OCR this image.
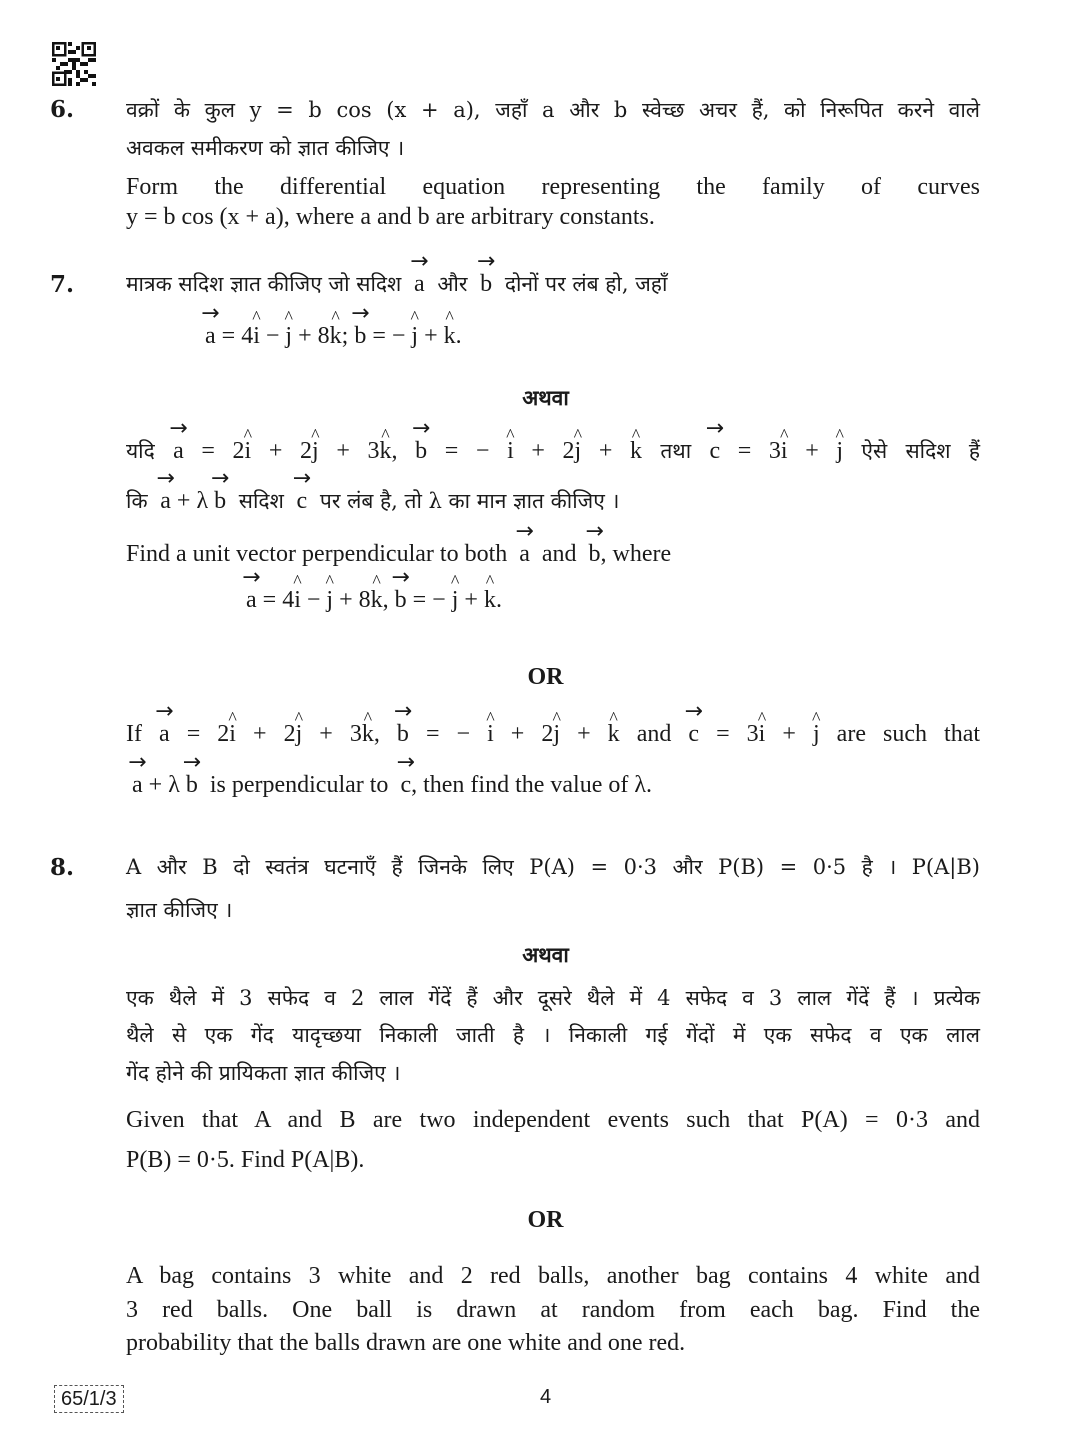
6. वक्रों के कुल y = b cos (x + a), जहाँ a और b स्वेच्छ अचर हैं, को निरूपित करने वाले
अवकल समीकरण को ज्ञात कीजिए ।
Form the differential equation representing the family of curves
y = b cos (x + a), where a and b are arbitrary constants.
7. मात्रक सदिश ज्ञात कीजिए जो सदिश → a और → b दोनों पर लंब हो, जहाँ
→ a = 4^ i − ^ j + 8^ k; → b = − ^ j + ^ k.
अथवा
यदि → a = 2^ i + 2^ j + 3^ k, → b = − ^ i + 2^ j + ^ k तथा → c = 3^ i + ^ j ऐसे सदिश हैं
कि → a + λ → b सदिश → c पर लंब है, तो λ का मान ज्ञात कीजिए ।
Find a unit vector perpendicular to both → a and → b, where
→ a = 4^ i − ^ j + 8^ k, → b = − ^ j + ^ k.
OR
If → a = 2^ i + 2^ j + 3^ k, → b = − ^ i + 2^ j + ^ k and → c = 3^ i + ^ j are such that
→ a + λ → b is perpendicular to → c, then find the value of λ.
8. A और B दो स्वतंत्र घटनाएँ हैं जिनके लिए P(A) = 0·3 और P(B) = 0·5 है । P(A|B)
ज्ञात कीजिए ।
अथवा
एक थैले में 3 सफेद व 2 लाल गेंदें हैं और दूसरे थैले में 4 सफेद व 3 लाल गेंदें हैं । प्रत्येक
थैले से एक गेंद यादृच्छया निकाली जाती है । निकाली गई गेंदों में एक सफेद व एक लाल
गेंद होने की प्रायिकता ज्ञात कीजिए ।
Given that A and B are two independent events such that P(A) = 0·3 and
P(B) = 0·5. Find P(A|B).
OR
A bag contains 3 white and 2 red balls, another bag contains 4 white and
3 red balls. One ball is drawn at random from each bag. Find the
probability that the balls drawn are one white and one red.
65/1/3	4
